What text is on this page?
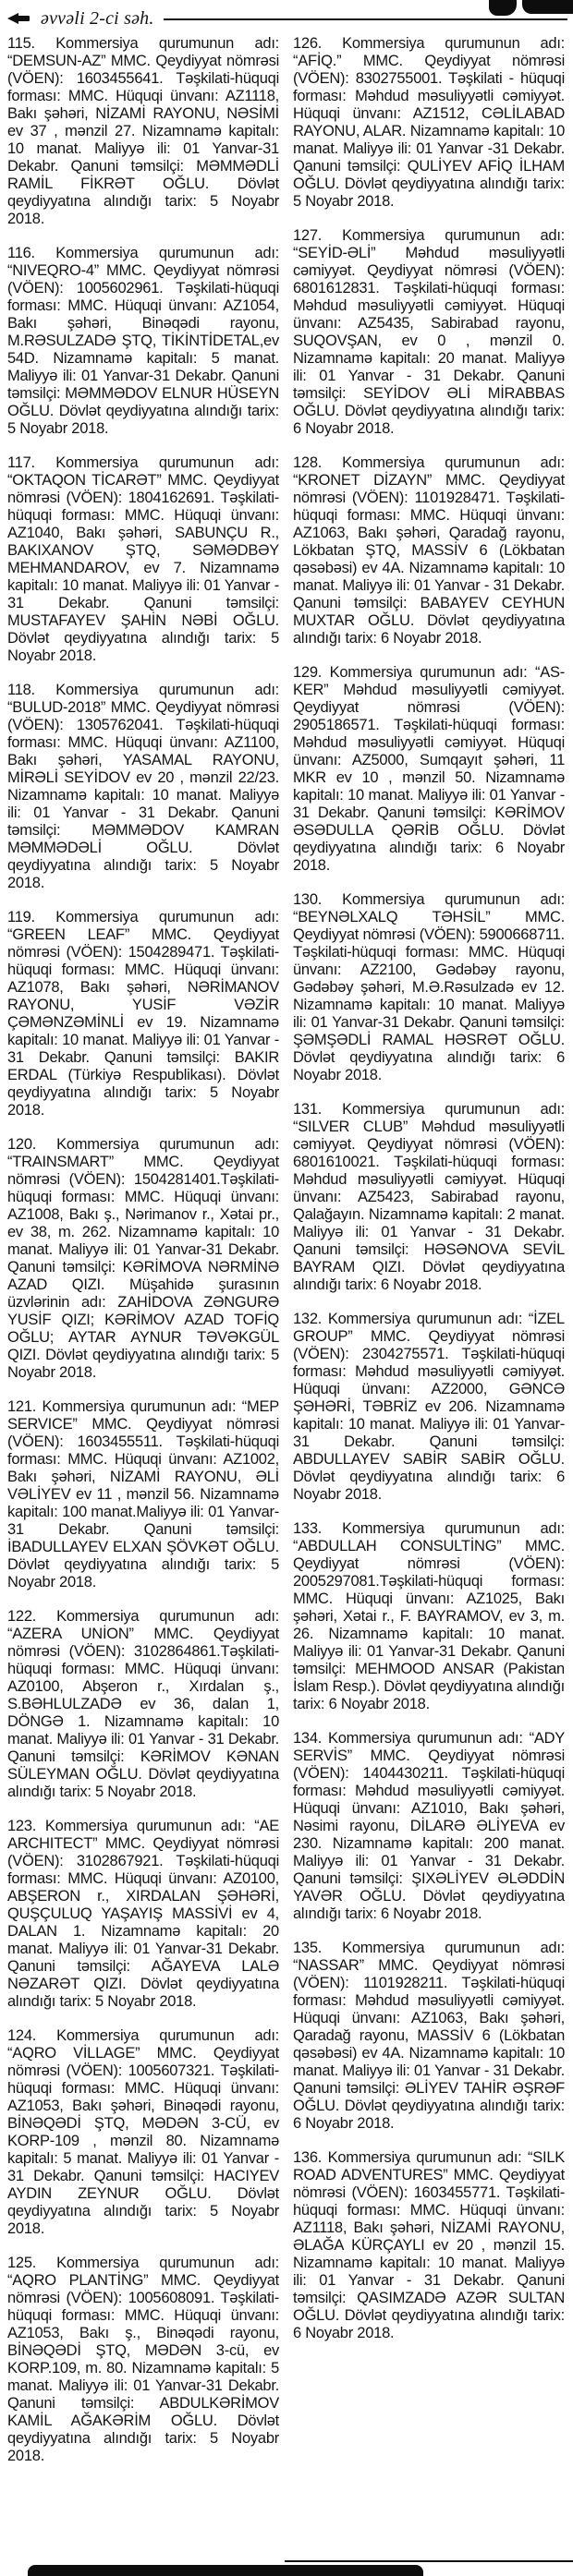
əvvəli 2-ci səh.

115. Kommersiya qurumunun adı: “DEMSUN-AZ” MMC. Qeydiyyat nömrəsi (VÖEN): 1603455641. Təşkilati-hüquqi forması: MMC. Hüquqi ünvanı: AZ1118, Bakı şəhəri, NİZAMİ RAYONU, NƏSİMİ ev 37 , mənzil 27. Nizamnamə kapitalı: 10 manat. Maliyyə ili: 01 Yanvar-31 Dekabr. Qanuni təmsilçi: MƏMMƏDLİ RAMİL FİKRƏT OĞLU. Dövlət qeydiyyatına alındığı tarix: 5 Noyabr 2018.

116. Kommersiya qurumunun adı: “NIVEQRO-4” MMC. Qeydiyyat nömrəsi (VÖEN): 1005602961. Təşkilati-hüquqi forması: MMC. Hüquqi ünvanı: AZ1054, Bakı şəhəri, Binəqədi rayonu, M.RƏSULZADƏ ŞTQ, TİKİNTİDETAL,ev 54D. Nizamnamə kapitalı: 5 manat. Maliyyə ili: 01 Yanvar-31 Dekabr. Qanuni təmsilçi: MƏMMƏDOV ELNUR HÜSEYN OĞLU. Dövlət qeydiyyatına alındığı tarix: 5 Noyabr 2018.

117. Kommersiya qurumunun adı: “OKTAQON TİCARƏT” MMC. Qeydiyyat nömrəsi (VÖEN): 1804162691. Təşkilati-hüquqi forması: MMC. Hüquqi ünvanı: AZ1040, Bakı şəhəri, SABUNÇU R., BAKIXANOV ŞTQ, SƏMƏDBƏY MEHMANDAROV, ev 7. Nizamnamə kapitalı: 10 manat. Maliyyə ili: 01 Yanvar - 31 Dekabr. Qanuni təmsilçi: MUSTAFAYEV ŞAHİN NƏBİ OĞLU. Dövlət qeydiyyatına alındığı tarix: 5 Noyabr 2018.

118. Kommersiya qurumunun adı: “BULUD-2018” MMC. Qeydiyyat nömrəsi (VÖEN): 1305762041. Təşkilati-hüquqi forması: MMC. Hüquqi ünvanı: AZ1100, Bakı şəhəri, YASAMAL RAYONU, MİRƏLİ SEYİDOV ev 20 , mənzil 22/23. Nizamnamə kapitalı: 10 manat. Maliyyə ili: 01 Yanvar - 31 Dekabr. Qanuni təmsilçi: MƏMMƏDOV KAMRAN MƏMMƏDƏLİ OĞLU. Dövlət qeydiyyatına alındığı tarix: 5 Noyabr 2018.

119. Kommersiya qurumunun adı: “GREEN LEAF” MMC. Qeydiyyat nömrəsi (VÖEN): 1504289471. Təşkilati-hüquqi forması: MMC. Hüquqi ünvanı: AZ1078, Bakı şəhəri, NƏRİMANOV RAYONU, YUSİF VƏZİR ÇƏMƏNZƏMİNLİ ev 19. Nizamnamə kapitalı: 10 manat. Maliyyə ili: 01 Yanvar - 31 Dekabr. Qanuni təmsilçi: BAKIR ERDAL (Türkiyə Respublikası). Dövlət qeydiyyatına alındığı tarix: 5 Noyabr 2018.

120. Kommersiya qurumunun adı: “TRAINSMART” MMC. Qeydiyyat nömrəsi (VÖEN): 1504281401.Təşkilati-hüquqi forması: MMC. Hüquqi ünvanı: AZ1008, Bakı ş., Nərimanov r., Xətai pr., ev 38, m. 262. Nizamnamə kapitalı: 10 manat. Maliyyə ili: 01 Yanvar-31 Dekabr. Qanuni təmsilçi: KƏRİMOVA NƏRMİNƏ AZAD QIZI. Müşahidə şurasının üzvlərinin adı: ZAHİDOVA ZƏNGURƏ YUSİF QIZI; KƏRİMOV AZAD TOFİQ OĞLU; AYTAR AYNUR TƏVƏKGÜL QIZI. Dövlət qeydiyyatına alındığı tarix: 5 Noyabr 2018.

121. Kommersiya qurumunun adı: “MEP SERVICE” MMC. Qeydiyyat nömrəsi (VÖEN): 1603455511. Təşkilati-hüquqi forması: MMC. Hüquqi ünvanı: AZ1002, Bakı şəhəri, NİZAMİ RAYONU, ƏLİ VƏLİYEV ev 11 , mənzil 56. Nizamnamə kapitalı: 100 manat.Maliyyə ili: 01 Yanvar-31 Dekabr. Qanuni təmsilçi: İBADULLAYEV ELXAN ŞÖVKƏT OĞLU. Dövlət qeydiyyatına alındığı tarix: 5 Noyabr 2018.

122. Kommersiya qurumunun adı: “AZERA UNİON” MMC. Qeydiyyat nömrəsi (VÖEN): 3102864861.Təşkilati-hüquqi forması: MMC. Hüquqi ünvanı: AZ0100, Abşeron r., Xırdalan ş., S.BƏHLULZADƏ ev 36, dalan 1, DÖNGƏ 1. Nizamnamə kapitalı: 10 manat. Maliyyə ili: 01 Yanvar - 31 Dekabr. Qanuni təmsilçi: KƏRİMOV KƏNAN SÜLEYMAN OĞLU. Dövlət qeydiyyatına alındığı tarix: 5 Noyabr 2018.

123. Kommersiya qurumunun adı: “AE ARCHITECT” MMC. Qeydiyyat nömrəsi (VÖEN): 3102867921. Təşkilati-hüquqi forması: MMC. Hüquqi ünvanı: AZ0100, ABŞERON r., XIRDALAN ŞƏHƏRİ, QUŞÇULUQ YAŞAYIŞ MASSİVİ ev 4, DALAN 1. Nizamnamə kapitalı: 20 manat. Maliyyə ili: 01 Yanvar-31 Dekabr. Qanuni təmsilçi: AĞAYEVA LALƏ NƏZARƏT QIZI. Dövlət qeydiyyatına alındığı tarix: 5 Noyabr 2018.

124. Kommersiya qurumunun adı: “AQRO VİLLAGE” MMC. Qeydiyyat nömrəsi (VÖEN): 1005607321. Təşkilati-hüquqi forması: MMC. Hüquqi ünvanı: AZ1053, Bakı şəhəri, Binəqədi rayonu, BİNƏQƏDİ ŞTQ, MƏDƏN 3-CÜ, ev KORP-109 , mənzil 80. Nizamnamə kapitalı: 5 manat. Maliyyə ili: 01 Yanvar - 31 Dekabr. Qanuni təmsilçi: HACIYEV AYDIN ZEYNUR OĞLU. Dövlət qeydiyyatına alındığı tarix: 5 Noyabr 2018.

125. Kommersiya qurumunun adı: “AQRO PLANTİNG” MMC. Qeydiyyat nömrəsi (VÖEN): 1005608091. Təşkilati-hüquqi forması: MMC. Hüquqi ünvanı: AZ1053, Bakı ş., Binəqədi rayonu, BİNƏQƏDİ ŞTQ, MƏDƏN 3-cü, ev KORP.109, m. 80. Nizamnamə kapitalı: 5 manat. Maliyyə ili: 01 Yanvar-31 Dekabr. Qanuni təmsilçi: ABDULKƏRİMOV KAMİL AĞAKƏRİM OĞLU. Dövlət qeydiyyatına alındığı tarix: 5 Noyabr 2018.

126. Kommersiya qurumunun adı: “AFİQ.” MMC. Qeydiyyat nömrəsi (VÖEN): 8302755001. Təşkilati - hüquqi forması: Məhdud məsuliyyətli cəmiyyət. Hüquqi ünvanı: AZ1512, CƏLİLABAD RAYONU, ALAR. Nizamnamə kapitalı: 10 manat. Maliyyə ili: 01 Yanvar -31 Dekabr. Qanuni təmsilçi: QULİYEV AFİQ İLHAM OĞLU. Dövlət qeydiyyatına alındığı tarix: 5 Noyabr 2018.

127. Kommersiya qurumunun adı: “SEYİD-ƏLİ” Məhdud məsuliyyətli cəmiyyət. Qeydiyyat nömrəsi (VÖEN): 6801612831. Təşkilati-hüquqi forması: Məhdud məsuliyyətli cəmiyyət. Hüquqi ünvanı: AZ5435, Sabirabad rayonu, SUQOVŞAN, ev 0 , mənzil 0. Nizamnamə kapitalı: 20 manat. Maliyyə ili: 01 Yanvar - 31 Dekabr. Qanuni təmsilçi: SEYİDOV ƏLİ MİRABBAS OĞLU. Dövlət qeydiyyatına alındığı tarix: 6 Noyabr 2018.

128. Kommersiya qurumunun adı: “KRONET DİZAYN” MMC. Qeydiyyat nömrəsi (VÖEN): 1101928471. Təşkilati-hüquqi forması: MMC. Hüquqi ünvanı: AZ1063, Bakı şəhəri, Qaradağ rayonu, Lökbatan ŞTQ, MASSİV 6 (Lökbatan qəsəbəsi) ev 4A. Nizamnamə kapitalı: 10 manat. Maliyyə ili: 01 Yanvar - 31 Dekabr. Qanuni təmsilçi: BABAYEV CEYHUN MUXTAR OĞLU. Dövlət qeydiyyatına alındığı tarix: 6 Noyabr 2018.

129. Kommersiya qurumunun adı: “AS-KER” Məhdud məsuliyyətli cəmiyyət. Qeydiyyat nömrəsi (VÖEN): 2905186571. Təşkilati-hüquqi forması: Məhdud məsuliyyətli cəmiyyət. Hüquqi ünvanı: AZ5000, Sumqayıt şəhəri, 11 MKR ev 10 , mənzil 50. Nizamnamə kapitalı: 10 manat. Maliyyə ili: 01 Yanvar - 31 Dekabr. Qanuni təmsilçi: KƏRİMOV ƏSƏDULLA QƏRİB OĞLU. Dövlət qeydiyyatına alındığı tarix: 6 Noyabr 2018.

130. Kommersiya qurumunun adı: “BEYNƏLXALQ TƏHSİL” MMC. Qeydiyyat nömrəsi (VÖEN): 5900668711. Təşkilati-hüquqi forması: MMC. Hüquqi ünvanı: AZ2100, Gədəbəy rayonu, Gədəbəy şəhəri, M.Ə.Rəsulzadə ev 12. Nizamnamə kapitalı: 10 manat. Maliyyə ili: 01 Yanvar-31 Dekabr. Qanuni təmsilçi: ŞƏMŞƏDLİ RAMAL HƏSRƏT OĞLU. Dövlət qeydiyyatına alındığı tarix: 6 Noyabr 2018.

131. Kommersiya qurumunun adı: “SILVER CLUB” Məhdud məsuliyyətli cəmiyyət. Qeydiyyat nömrəsi (VÖEN): 6801610021. Təşkilati-hüquqi forması: Məhdud məsuliyyətli cəmiyyət. Hüquqi ünvanı: AZ5423, Sabirabad rayonu, Qalağayın. Nizamnamə kapitalı: 2 manat. Maliyyə ili: 01 Yanvar - 31 Dekabr. Qanuni təmsilçi: HƏSƏNOVA SEVİL BAYRAM QIZI. Dövlət qeydiyyatına alındığı tarix: 6 Noyabr 2018.

132. Kommersiya qurumunun adı: “İZEL GROUP” MMC. Qeydiyyat nömrəsi (VÖEN): 2304275571. Təşkilati-hüquqi forması: Məhdud məsuliyyətli cəmiyyət. Hüquqi ünvanı: AZ2000, GƏNCƏ ŞƏHƏRİ, TƏBRİZ ev 206. Nizamnamə kapitalı: 10 manat. Maliyyə ili: 01 Yanvar-31 Dekabr. Qanuni təmsilçi: ABDULLAYEV SABİR SABİR OĞLU. Dövlət qeydiyyatına alındığı tarix: 6 Noyabr 2018.

133. Kommersiya qurumunun adı: “ABDULLAH CONSULTİNG” MMC. Qeydiyyat nömrəsi (VÖEN): 2005297081.Təşkilati-hüquqi forması: MMC. Hüquqi ünvanı: AZ1025, Bakı şəhəri, Xətai r., F. BAYRAMOV, ev 3, m. 26. Nizamnamə kapitalı: 10 manat. Maliyyə ili: 01 Yanvar-31 Dekabr. Qanuni təmsilçi: MEHMOOD ANSAR (Pakistan İslam Resp.). Dövlət qeydiyyatına alındığı tarix: 6 Noyabr 2018.

134. Kommersiya qurumunun adı: “ADY SERVİS” MMC. Qeydiyyat nömrəsi (VÖEN): 1404430211. Təşkilati-hüquqi forması: Məhdud məsuliyyətli cəmiyyət. Hüquqi ünvanı: AZ1010, Bakı şəhəri, Nəsimi rayonu, DİLARƏ ƏLİYEVA ev 230. Nizamnamə kapitalı: 200 manat. Maliyyə ili: 01 Yanvar - 31 Dekabr. Qanuni təmsilçi: ŞIXƏLİYEV ƏLƏDDİN YAVƏR OĞLU. Dövlət qeydiyyatına alındığı tarix: 6 Noyabr 2018.

135. Kommersiya qurumunun adı: “NASSAR” MMC. Qeydiyyat nömrəsi (VÖEN): 1101928211. Təşkilati-hüquqi forması: Məhdud məsuliyyətli cəmiyyət. Hüquqi ünvanı: AZ1063, Bakı şəhəri, Qaradağ rayonu, MASSİV 6 (Lökbatan qəsəbəsi) ev 4A. Nizamnamə kapitalı: 10 manat. Maliyyə ili: 01 Yanvar - 31 Dekabr. Qanuni təmsilçi: ƏLİYEV TAHİR ƏŞRƏF OĞLU. Dövlət qeydiyyatına alındığı tarix: 6 Noyabr 2018.

136. Kommersiya qurumunun adı: “SILK ROAD ADVENTURES” MMC. Qeydiyyat nömrəsi (VÖEN): 1603455771. Təşkilati-hüquqi forması: MMC. Hüquqi ünvanı: AZ1118, Bakı şəhəri, NİZAMİ RAYONU, ƏLAĞA KÜRÇAYLI ev 20 , mənzil 15. Nizamnamə kapitalı: 10 manat. Maliyyə ili: 01 Yanvar - 31 Dekabr. Qanuni təmsilçi: QASIMZADƏ AZƏR SULTAN OĞLU. Dövlət qeydiyyatına alındığı tarix: 6 Noyabr 2018.
